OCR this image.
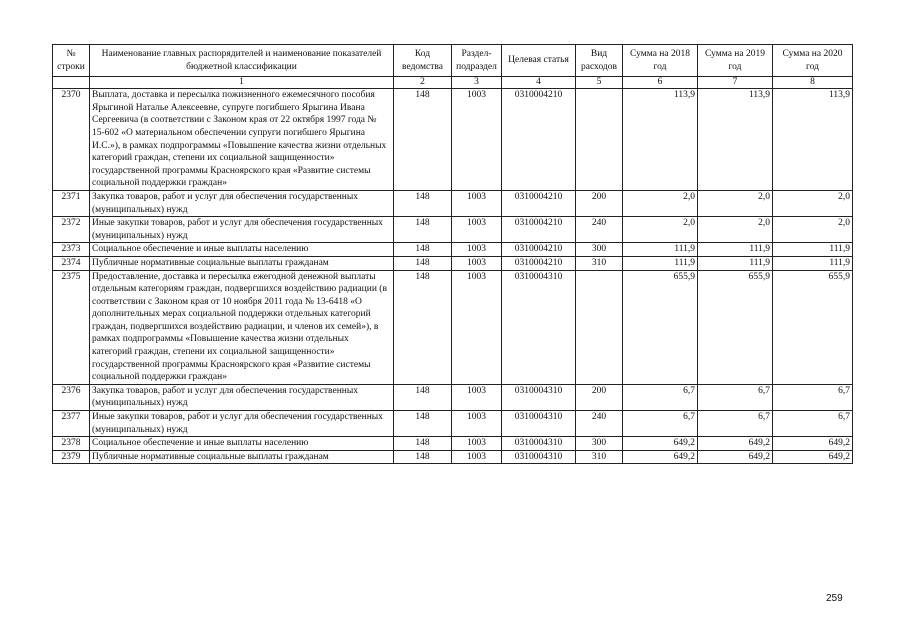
№ строки	Наименование главных распорядителей и наименование показателей бюджетной классификации	Код ведомства	Раздел-подраздел	Целевая статья	Вид расходов	Сумма на 2018 год	Сумма на 2019 год	Сумма на 2020 год
	1	2	3	4	5	6	7	8
2370	Выплата, доставка и пересылка пожизненного ежемесячного пособия Ярыгиной Наталье Алексеевне, супруге погибшего Ярыгина Ивана Сергеевича (в соответствии с Законом края от 22 октября 1997 года № 15-602 «О материальном обеспечении супруги погибшего Ярыгина И.С.»), в рамках подпрограммы «Повышение качества жизни отдельных категорий граждан, степени их социальной защищенности» государственной программы Красноярского края «Развитие системы социальной поддержки граждан»	148	1003	0310004210		113,9	113,9	113,9
2371	Закупка товаров, работ и услуг для обеспечения государственных (муниципальных) нужд	148	1003	0310004210	200	2,0	2,0	2,0
2372	Иные закупки товаров, работ и услуг для обеспечения государственных (муниципальных) нужд	148	1003	0310004210	240	2,0	2,0	2,0
2373	Социальное обеспечение и иные выплаты населению	148	1003	0310004210	300	111,9	111,9	111,9
2374	Публичные нормативные социальные выплаты гражданам	148	1003	0310004210	310	111,9	111,9	111,9
2375	Предоставление, доставка и пересылка ежегодной денежной выплаты отдельным категориям граждан, подвергшихся воздействию радиации (в соответствии с Законом края от 10 ноября 2011 года № 13-6418 «О дополнительных мерах социальной поддержки отдельных категорий граждан, подвергшихся воздействию радиации, и членов их семей»), в рамках подпрограммы «Повышение качества жизни отдельных категорий граждан, степени их социальной защищенности» государственной программы Красноярского края «Развитие системы социальной поддержки граждан»	148	1003	0310004310		655,9	655,9	655,9
2376	Закупка товаров, работ и услуг для обеспечения государственных (муниципальных) нужд	148	1003	0310004310	200	6,7	6,7	6,7
2377	Иные закупки товаров, работ и услуг для обеспечения государственных (муниципальных) нужд	148	1003	0310004310	240	6,7	6,7	6,7
2378	Социальное обеспечение и иные выплаты населению	148	1003	0310004310	300	649,2	649,2	649,2
2379	Публичные нормативные социальные выплаты гражданам	148	1003	0310004310	310	649,2	649,2	649,2
259
